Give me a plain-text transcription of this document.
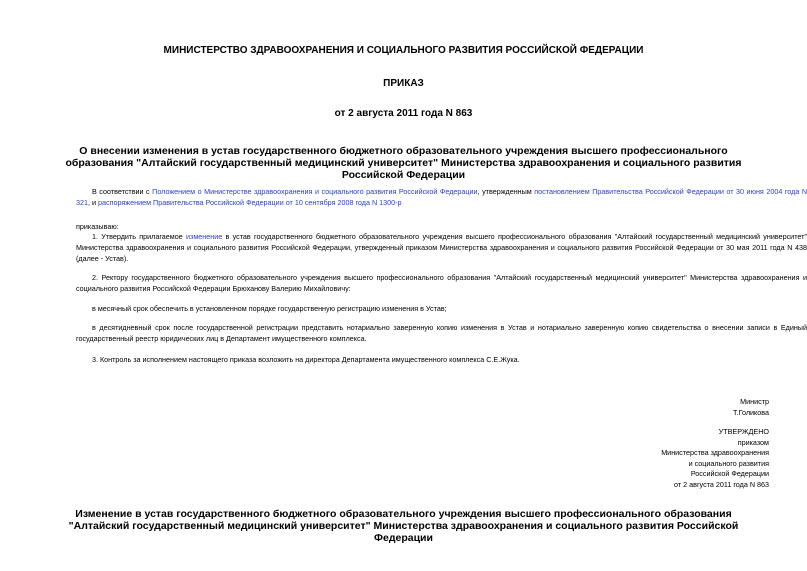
МИНИСТЕРСТВО ЗДРАВООХРАНЕНИЯ И СОЦИАЛЬНОГО РАЗВИТИЯ РОССИЙСКОЙ ФЕДЕРАЦИИ
ПРИКАЗ
от 2 августа 2011 года N 863
О внесении изменения в устав государственного бюджетного образовательного учреждения высшего профессионального образования "Алтайский государственный медицинский университет" Министерства здравоохранения и социального развития Российской Федерации
В соответствии с Положением о Министерстве здравоохранения и социального развития Российской Федерации, утвержденным постановлением Правительства Российской Федерации от 30 июня 2004 года N 321, и распоряжением Правительства Российской Федерации от 10 сентября 2008 года N 1300-р
приказываю:
1. Утвердить прилагаемое изменение в устав государственного бюджетного образовательного учреждения высшего профессионального образования "Алтайский государственный медицинский университет" Министерства здравоохранения и социального развития Российской Федерации, утвержденный приказом Министерства здравоохранения и социального развития Российской Федерации от 30 мая 2011 года N 438 (далее - Устав).
2. Ректору государственного бюджетного образовательного учреждения высшего профессионального образования "Алтайский государственный медицинский университет" Министерства здравоохранения и социального развития Российской Федерации Брюханову Валерию Михайловичу:
в месячный срок обеспечить в установленном порядке государственную регистрацию изменения в Устав;
в десятидневный срок после государственной регистрации представить нотариально заверенную копию изменения в Устав и нотариально заверенную копию свидетельства о внесении записи в Единый государственный реестр юридических лиц в Департамент имущественного комплекса.
3. Контроль за исполнением настоящего приказа возложить на директора Департамента имущественного комплекса С.Е.Жука.
Министр
Т.Голикова
УТВЕРЖДЕНО
приказом
Министерства здравоохранения
и социального развития
Российской Федерации
от 2 августа 2011 года N 863
Изменение в устав государственного бюджетного образовательного учреждения высшего профессионального образования "Алтайский государственный медицинский университет" Министерства здравоохранения и социального развития Российской Федерации
